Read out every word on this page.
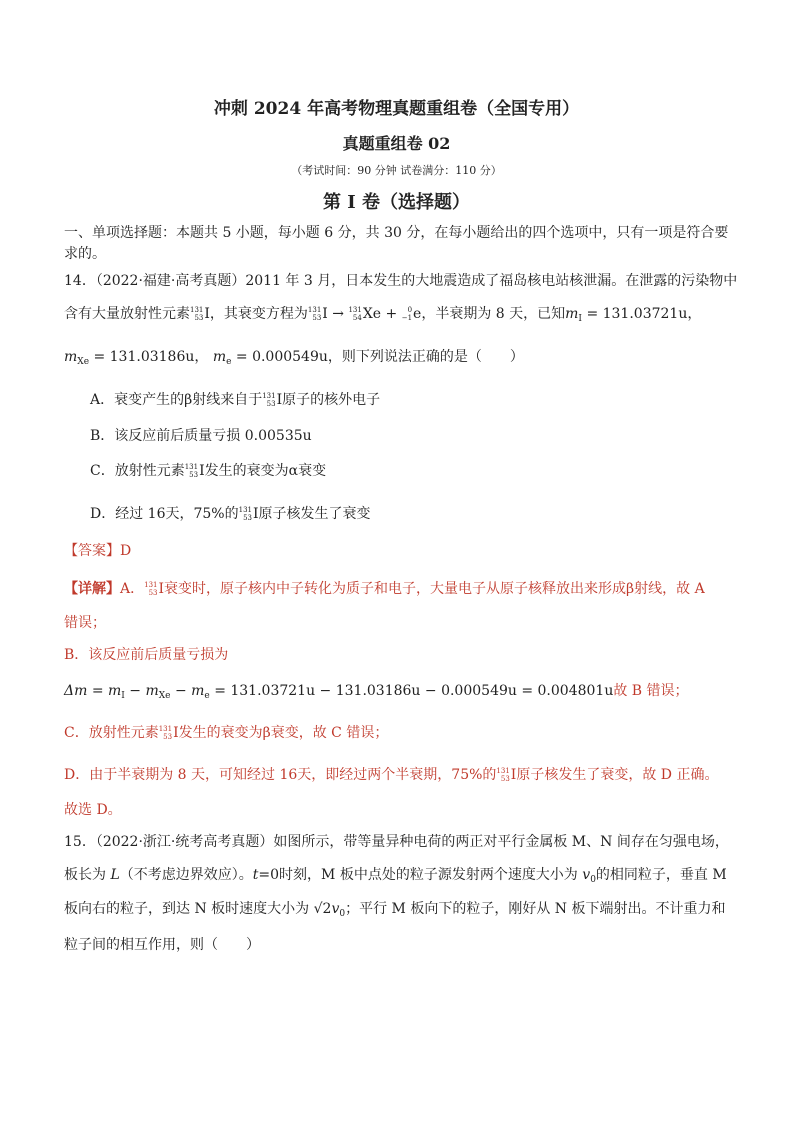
冲刺 2024 年高考物理真题重组卷（全国专用）
真题重组卷 02
（考试时间：90 分钟 试卷满分：110 分）
第 I 卷（选择题）
一、单项选择题：本题共 5 小题，每小题 6 分，共 30 分，在每小题给出的四个选项中，只有一项是符合要
求的。
14．（2022·福建·高考真题）2011 年 3 月，日本发生的大地震造成了福岛核电站核泄漏。在泄露的污染物中
含有大量放射性元素 131
53 I，其衰变方程为 131
53 I → 131
54 Xe +	0
−1 e，半衰期为 8 天，已知$m_I = 131.03721u$，
$m_{Xe} = 131.03186u$， $m_e = 0.000549u$，则下列说法正确的是（　　）
A．衰变产生的β射线来自于 131
53 I原子的核外电子
B．该反应前后质量亏损 0.00535u
C．放射性元素 131
53 I发生的衰变为α衰变
D．经过 16天，75%的 131
53 I原子核发生了衰变
【答案】D
【详解】A． 131
53 I衰变时，原子核内中子转化为质子和电子，大量电子从原子核释放出来形成β射线，故 A
错误；
B．该反应前后质量亏损为
$\Delta m = m_I - m_{Xe} - m_e = 131.03721u - 131.03186u - 0.000549u = 0.004801u$故 B 错误；
C．放射性元素 131
53 I发生的衰变为β衰变，故 C 错误；
D．由于半衰期为 8 天，可知经过 16天，即经过两个半衰期，75%的 131
53 I原子核发生了衰变，故 D 正确。
故选 D。
15．（2022·浙江·统考高考真题）如图所示，带等量异种电荷的两正对平行金属板 M、N 间存在匀强电场，
板长为 L（不考虑边界效应）。t=0时刻，M 板中点处的粒子源发射两个速度大小为 $v_0$的相同粒子，垂直 M
板向右的粒子，到达 N 板时速度大小为 $√2v_0$；平行 M 板向下的粒子，刚好从 N 板下端射出。不计重力和
粒子间的相互作用，则（　　）
